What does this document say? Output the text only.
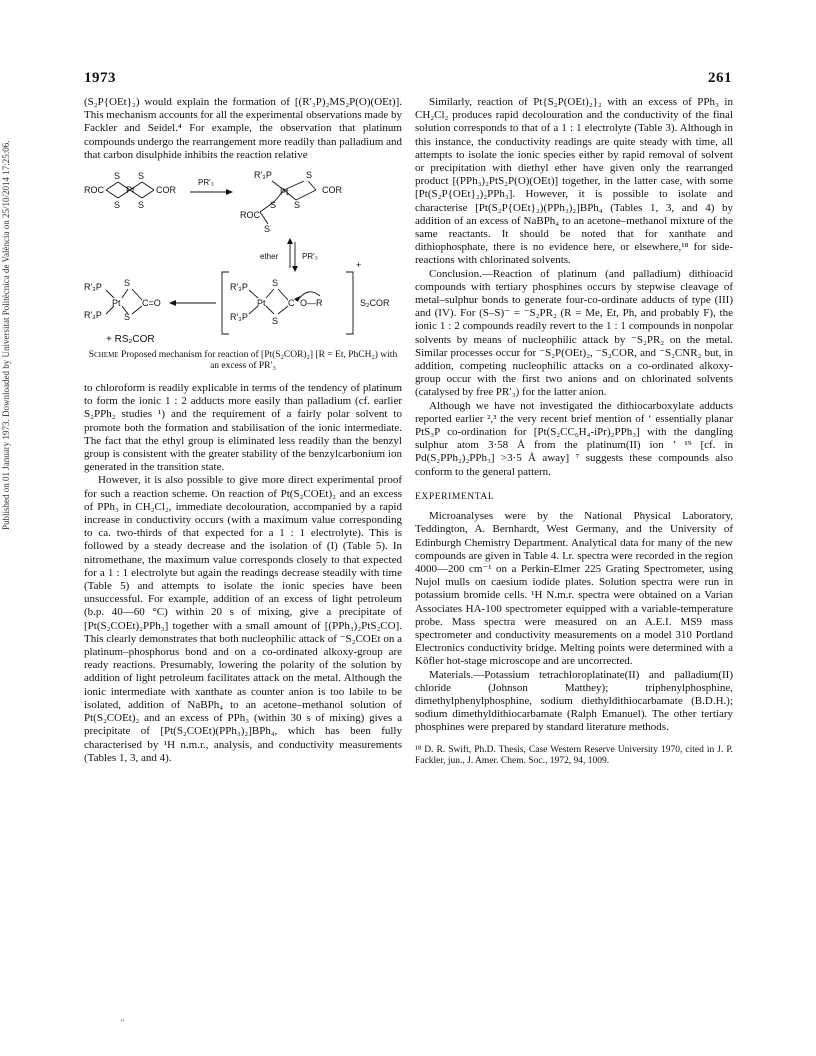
1973	261
Published on 01 January 1973. Downloaded by Universitat Politècnica de València on 25/10/2014 17:25:06.

(S₂P{OEt}₂) would explain the formation of [(R′₃P)₂MS₂P(O)(OEt)]. This mechanism accounts for all the experimental observations made by Fackler and Seidel.⁴ For example, the observation that platinum compounds undergo the rearrangement more readily than palladium and that carbon disulphide inhibits the reaction relative

ROC
S S
S S
Pt COR
PR′₃
R′₃P	S
Pt	COR
S
S
ROC
S
ether	PR′₃
R′₃P
R′₃P
S
S
Pt C=O
R′₃P
R′₃P
S
S
Pt C O—R
+
S₂COR
+ RS₂COR
Scheme Proposed mechanism for reaction of [Pt(S₂COR)₂] [R = Et, PhCH₂) with an excess of PR′₃

to chloroform is readily explicable in terms of the tendency of platinum to form the ionic 1 : 2 adducts more easily than palladium (cf. earlier S₂PPh₂ studies ¹) and the requirement of a fairly polar solvent to promote both the formation and stabilisation of the ionic intermediate. The fact that the ethyl group is eliminated less readily than the benzyl group is consistent with the greater stability of the benzylcarbonium ion generated in the transition state.

However, it is also possible to give more direct experimental proof for such a reaction scheme. On reaction of Pt(S₂COEt)₂ and an excess of PPh₃ in CH₂Cl₂, immediate decolouration, accompanied by a rapid increase in conductivity occurs (with a maximum value corresponding to ca. two-thirds of that expected for a 1 : 1 electrolyte). This is followed by a steady decrease and the isolation of (I) (Table 5). In nitromethane, the maximum value corresponds closely to that expected for a 1 : 1 electrolyte but again the readings decrease steadily with time (Table 5) and attempts to isolate the ionic species have been unsuccessful. For example, addition of an excess of light petroleum (b.p. 40—60 °C) within 20 s of mixing, give a precipitate of [Pt(S₂COEt)₂PPh₃] together with a small amount of [(PPh₃)₂PtS₂CO]. This clearly demonstrates that both nucleophilic attack of ⁻S₂COEt on a platinum–phosphorus bond and on a co-ordinated alkoxy-group are ready reactions. Presumably, lowering the polarity of the solution by addition of light petroleum facilitates attack on the metal. Although the ionic intermediate with xanthate as counter anion is too labile to be isolated, addition of NaBPh₄ to an acetone–methanol solution of Pt(S₂COEt)₂ and an excess of PPh₃ (within 30 s of mixing) gives a precipitate of [Pt(S₂COEt)(PPh₃)₂]BPh₄, which has been fully characterised by ¹H n.m.r., analysis, and conductivity measurements (Tables 1, 3, and 4).

Similarly, reaction of Pt{S₂P(OEt)₂}₂ with an excess of PPh₃ in CH₂Cl₂ produces rapid decolouration and the conductivity of the final solution corresponds to that of a 1 : 1 electrolyte (Table 3). Although in this instance, the conductivity readings are quite steady with time, all attempts to isolate the ionic species either by rapid removal of solvent or precipitation with diethyl ether have given only the rearranged product [(PPh₃)₂PtS₂P(O)(OEt)] together, in the latter case, with some [Pt(S₂P{OEt}₂)₂PPh₃]. However, it is possible to isolate and characterise [Pt(S₂P{OEt}₂)(PPh₃)₂]BPh₄ (Tables 1, 3, and 4) by addition of an excess of NaBPh₄ to an acetone–methanol mixture of the same reactants. It should be noted that for xanthate and dithiophosphate, there is no evidence here, or elsewhere,¹⁸ for side-reactions with chlorinated solvents.

Conclusion.—Reaction of platinum (and palladium) dithioacid compounds with tertiary phosphines occurs by stepwise cleavage of metal–sulphur bonds to generate four-co-ordinate adducts of type (III) and (IV). For (S–S)⁻ = ⁻S₂PR₂ (R = Me, Et, Ph, and probably F), the ionic 1 : 2 compounds readily revert to the 1 : 1 compounds in nonpolar solvents by means of nucleophilic attack by ⁻S₂PR₂ on the metal. Similar processes occur for ⁻S₂P(OEt)₂, ⁻S₂COR, and ⁻S₂CNR₂ but, in addition, competing nucleophilic attacks on a co-ordinated alkoxy-group occur with the first two anions and on chlorinated solvents (catalysed by free PR′₃) for the latter anion.

Although we have not investigated the dithiocarboxylate adducts reported earlier ²,³ the very recent brief mention of ‘ essentially planar PtS₃P co-ordination for [Pt(S₂CC₆H₄-iPr)₂PPh₃] with the dangling sulphur atom 3·58 Å from the platinum(II) ion ’ ¹⁹ [cf. in Pd(S₂PPh₂)₂PPh₃] >3·5 Å away] ⁷ suggests these compounds also conform to the general pattern.

EXPERIMENTAL

Microanalyses were by the National Physical Laboratory, Teddington, A. Bernhardt, West Germany, and the University of Edinburgh Chemistry Department. Analytical data for many of the new compounds are given in Table 4. I.r. spectra were recorded in the region 4000—200 cm⁻¹ on a Perkin-Elmer 225 Grating Spectrometer, using Nujol mulls on caesium iodide plates. Solution spectra were run in potassium bromide cells. ¹H N.m.r. spectra were obtained on a Varian Associates HA-100 spectrometer equipped with a variable-temperature probe. Mass spectra were measured on an A.E.I. MS9 mass spectrometer and conductivity measurements on a model 310 Portland Electronics conductivity bridge. Melting points were determined with a Köfler hot-stage microscope and are uncorrected.

Materials.—Potassium tetrachloroplatinate(II) and palladium(II) chloride (Johnson Matthey); triphenylphosphine, dimethylphenylphosphine, sodium diethyldithiocarbamate (B.D.H.); sodium dimethyldithiocarbamate (Ralph Emanuel). The other tertiary phosphines were prepared by standard literature methods.

¹⁸ D. R. Swift, Ph.D. Thesis, Case Western Reserve University 1970, cited in J. P. Fackler, jun., J. Amer. Chem. Soc., 1972, 94, 1009.
’’
